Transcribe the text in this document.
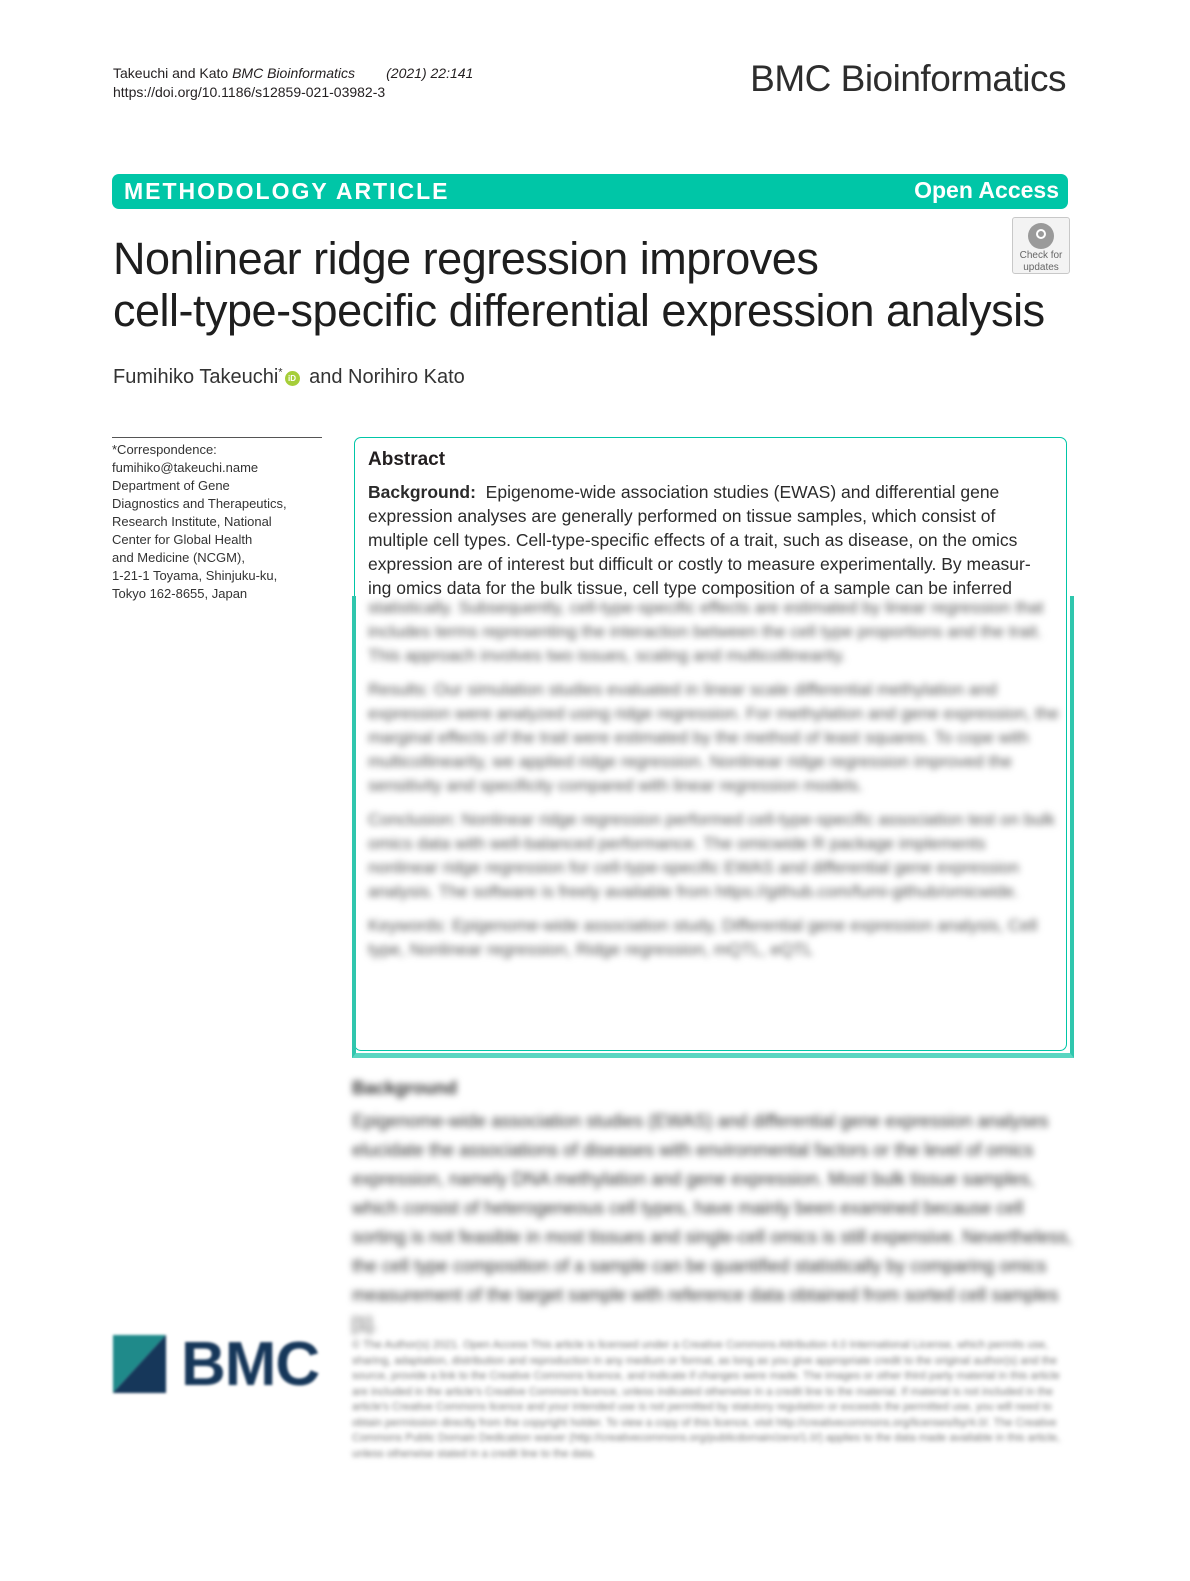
Takeuchi and Kato BMC Bioinformatics (2021) 22:141
https://doi.org/10.1186/s12859-021-03982-3	BMC Bioinformatics
METHODOLOGY ARTICLE	Open Access
Check for
updates
Nonlinear ridge regression improves
cell-type-specific differential expression analysis
Fumihiko Takeuchi*iD and Norihiro Kato
*Correspondence:
fumihiko@takeuchi.name
Department of Gene
Diagnostics and Therapeutics,
Research Institute, National
Center for Global Health
and Medicine (NCGM),
1-21-1 Toyama, Shinjuku-ku,
Tokyo 162-8655, Japan
Abstract
Background: Epigenome-wide association studies (EWAS) and differential gene
expression analyses are generally performed on tissue samples, which consist of
multiple cell types. Cell-type-specific effects of a trait, such as disease, on the omics
expression are of interest but difficult or costly to measure experimentally. By measur-
ing omics data for the bulk tissue, cell type composition of a sample can be inferred

statistically. Subsequently, cell-type-specific effects are estimated by linear regression that includes terms representing the interaction between the cell type proportions and the trait. This approach involves two issues, scaling and multicollinearity.

Results: Our simulation studies evaluated in linear scale differential methylation and expression were analyzed using ridge regression. For methylation and gene expression, the marginal effects of the trait were estimated by the method of least squares. To cope with multicollinearity, we applied ridge regression. Nonlinear ridge regression improved the sensitivity and specificity compared with linear regression models.

Conclusion: Nonlinear ridge regression performed cell-type-specific association test on bulk omics data with well-balanced performance. The omicwide R package implements nonlinear ridge regression for cell-type-specific EWAS and differential gene expression analysis. The software is freely available from https://github.com/fumi-github/omicwide.

Keywords: Epigenome-wide association study, Differential gene expression analysis, Cell type, Nonlinear regression, Ridge regression, mQTL, eQTL

Background
Epigenome-wide association studies (EWAS) and differential gene expression analyses elucidate the associations of diseases with environmental factors or the level of omics expression, namely DNA methylation and gene expression. Most bulk tissue samples, which consist of heterogeneous cell types, have mainly been examined because cell sorting is not feasible in most tissues and single-cell omics is still expensive. Nevertheless, the cell type composition of a sample can be quantified statistically by comparing omics measurement of the target sample with reference data obtained from sorted cell samples [1].
BMC	© The Author(s) 2021. Open Access This article is licensed under a Creative Commons Attribution 4.0 International License, which permits use, sharing, adaptation, distribution and reproduction in any medium or format, as long as you give appropriate credit to the original author(s) and the source, provide a link to the Creative Commons licence, and indicate if changes were made. The images or other third party material in this article are included in the article's Creative Commons licence, unless indicated otherwise in a credit line to the material. If material is not included in the article's Creative Commons licence and your intended use is not permitted by statutory regulation or exceeds the permitted use, you will need to obtain permission directly from the copyright holder. To view a copy of this licence, visit http://creativecommons.org/licenses/by/4.0/. The Creative Commons Public Domain Dedication waiver (http://creativecommons.org/publicdomain/zero/1.0/) applies to the data made available in this article, unless otherwise stated in a credit line to the data.
